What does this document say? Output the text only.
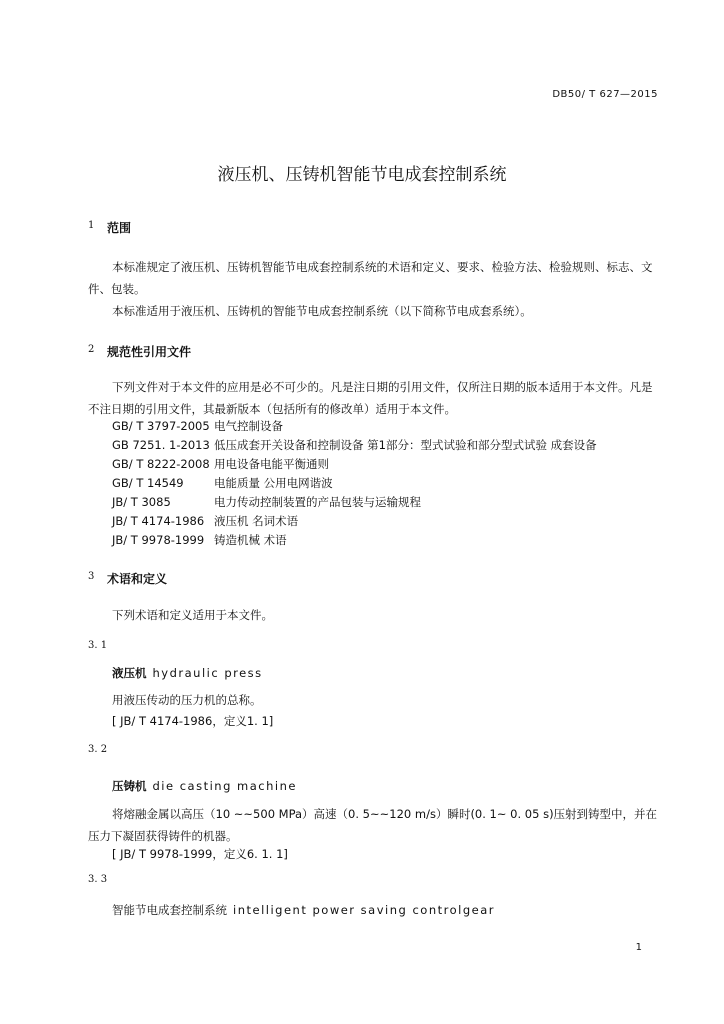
DB50/ T 627—2015
液压机、压铸机智能节电成套控制系统
1 范围

本标准规定了液压机、压铸机智能节电成套控制系统的术语和定义、要求、检验方法、检验规则、标志、文件、包装。

本标准适用于液压机、压铸机的智能节电成套控制系统（以下简称节电成套系统）。

2 规范性引用文件

下列文件对于本文件的应用是必不可少的。凡是注日期的引用文件，仅所注日期的版本适用于本文件。凡是不注日期的引用文件，其最新版本（包括所有的修改单）适用于本文件。

GB/ T 3797-2005 电气控制设备
GB 7251. 1-2013 低压成套开关设备和控制设备 第1部分：型式试验和部分型式试验 成套设备
GB/ T 8222-2008 用电设备电能平衡通则
GB/ T 14549	电能质量 公用电网谐波
JB/ T 3085	电力传动控制装置的产品包装与运输规程
JB/ T 4174-1986 液压机 名词术语
JB/ T 9978-1999 铸造机械 术语
3 术语和定义
下列术语和定义适用于本文件。
3. 1
液压机 hydraulic press
用液压传动的压力机的总称。
[ JB/ T 4174-1986，定义1. 1]
3. 2
压铸机 die casting machine

将熔融金属以高压（10 ~~500 MPa）高速（0. 5~~120 m/s）瞬时(0. 1~ 0. 05 s)压射到铸型中，并在压力下凝固获得铸件的机器。

[ JB/ T 9978-1999，定义6. 1. 1]
3. 3
智能节电成套控制系统 intelligent power saving controlgear
1
